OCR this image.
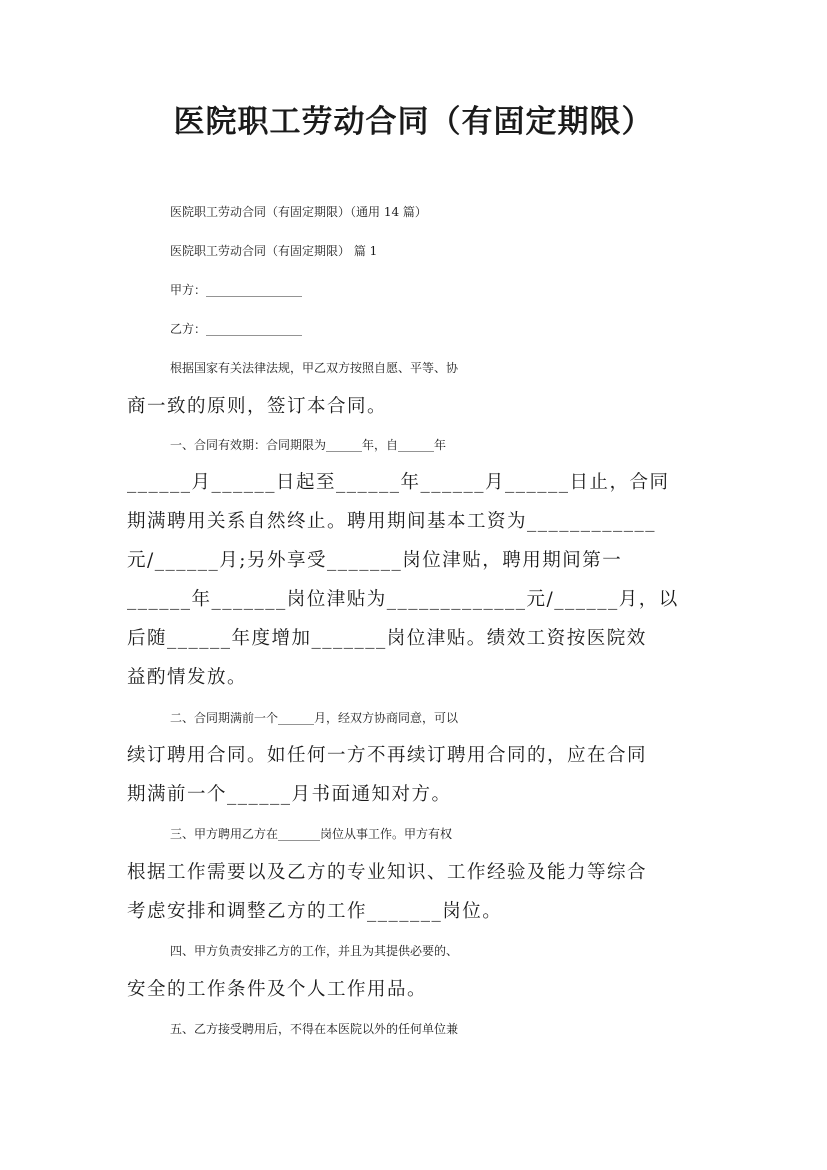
医院职工劳动合同（有固定期限）

医院职工劳动合同（有固定期限）（通用 14 篇）

医院职工劳动合同（有固定期限） 篇 1

甲方：________________

乙方：________________

根据国家有关法律法规，甲乙双方按照自愿、平等、协

商一致的原则，签订本合同。

一、合同有效期：合同期限为______年，自______年

______月______日起至______年______月______日止，合同

期满聘用关系自然终止。聘用期间基本工资为____________

元/______月;另外享受_______岗位津贴，聘用期间第一

______年_______岗位津贴为_____________元/______月，以

后随______年度增加_______岗位津贴。绩效工资按医院效

益酌情发放。

二、合同期满前一个______月，经双方协商同意，可以

续订聘用合同。如任何一方不再续订聘用合同的，应在合同

期满前一个______月书面通知对方。

三、甲方聘用乙方在_______岗位从事工作。甲方有权

根据工作需要以及乙方的专业知识、工作经验及能力等综合

考虑安排和调整乙方的工作_______岗位。

四、甲方负责安排乙方的工作，并且为其提供必要的、

安全的工作条件及个人工作用品。

五、乙方接受聘用后，不得在本医院以外的任何单位兼
